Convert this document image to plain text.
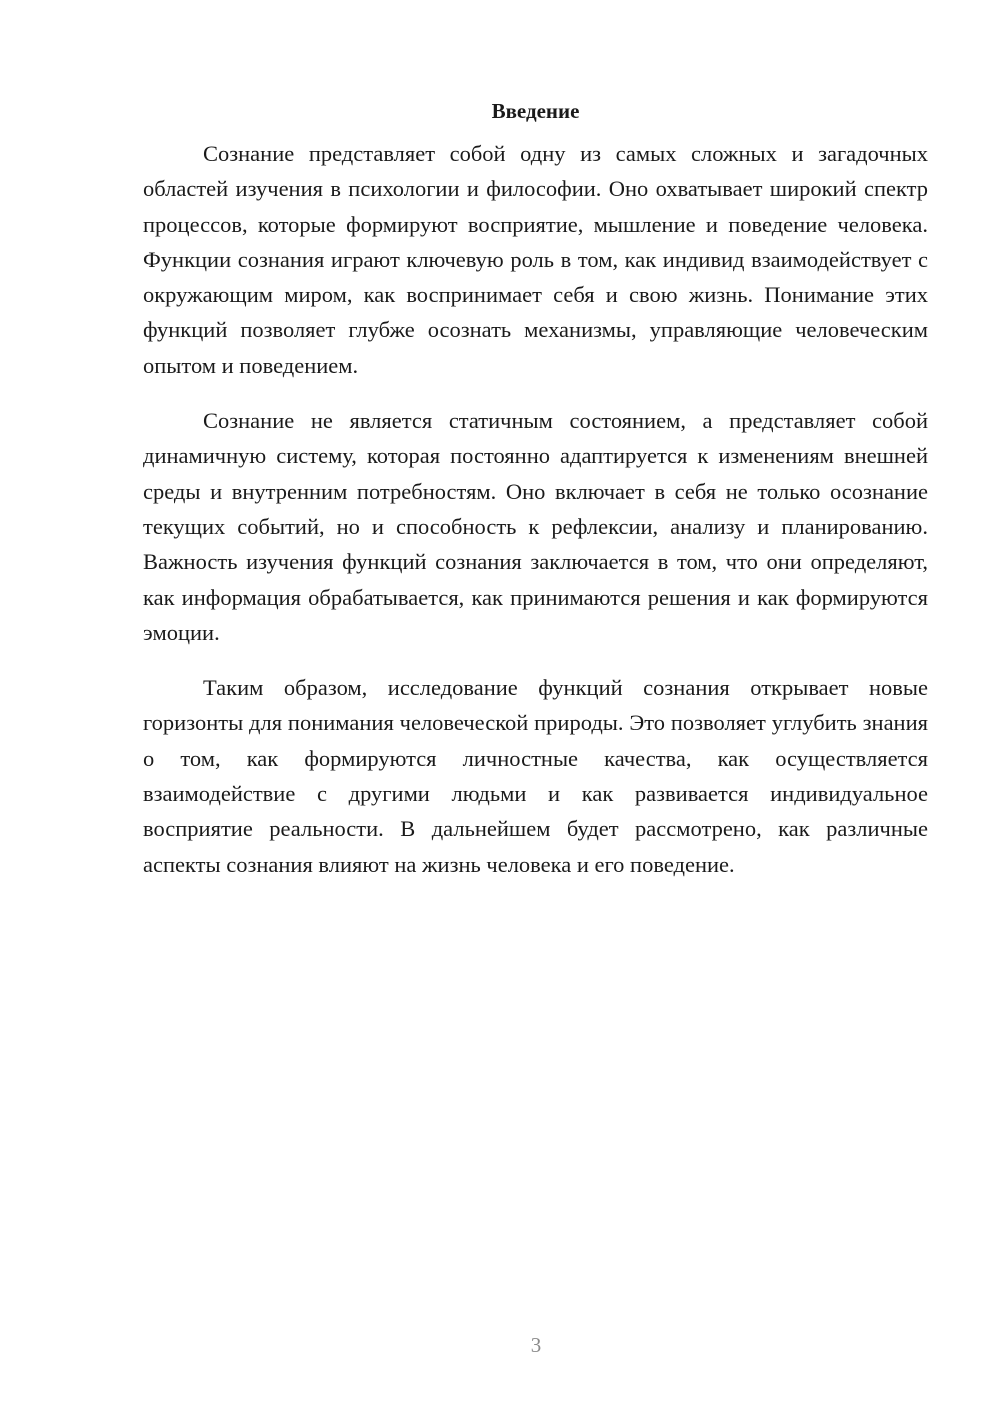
Введение

Сознание представляет собой одну из самых сложных и загадочных областей изучения в психологии и философии. Оно охватывает широкий спектр процессов, которые формируют восприятие, мышление и поведение человека. Функции сознания играют ключевую роль в том, как индивид взаимодействует с окружающим миром, как воспринимает себя и свою жизнь. Понимание этих функций позволяет глубже осознать механизмы, управляющие человеческим опытом и поведением.

Сознание не является статичным состоянием, а представляет собой динамичную систему, которая постоянно адаптируется к изменениям внешней среды и внутренним потребностям. Оно включает в себя не только осознание текущих событий, но и способность к рефлексии, анализу и планированию. Важность изучения функций сознания заключается в том, что они определяют, как информация обрабатывается, как принимаются решения и как формируются эмоции.

Таким образом, исследование функций сознания открывает новые горизонты для понимания человеческой природы. Это позволяет углубить знания о том, как формируются личностные качества, как осуществляется взаимодействие с другими людьми и как развивается индивидуальное восприятие реальности. В дальнейшем будет рассмотрено, как различные аспекты сознания влияют на жизнь человека и его поведение.

3
